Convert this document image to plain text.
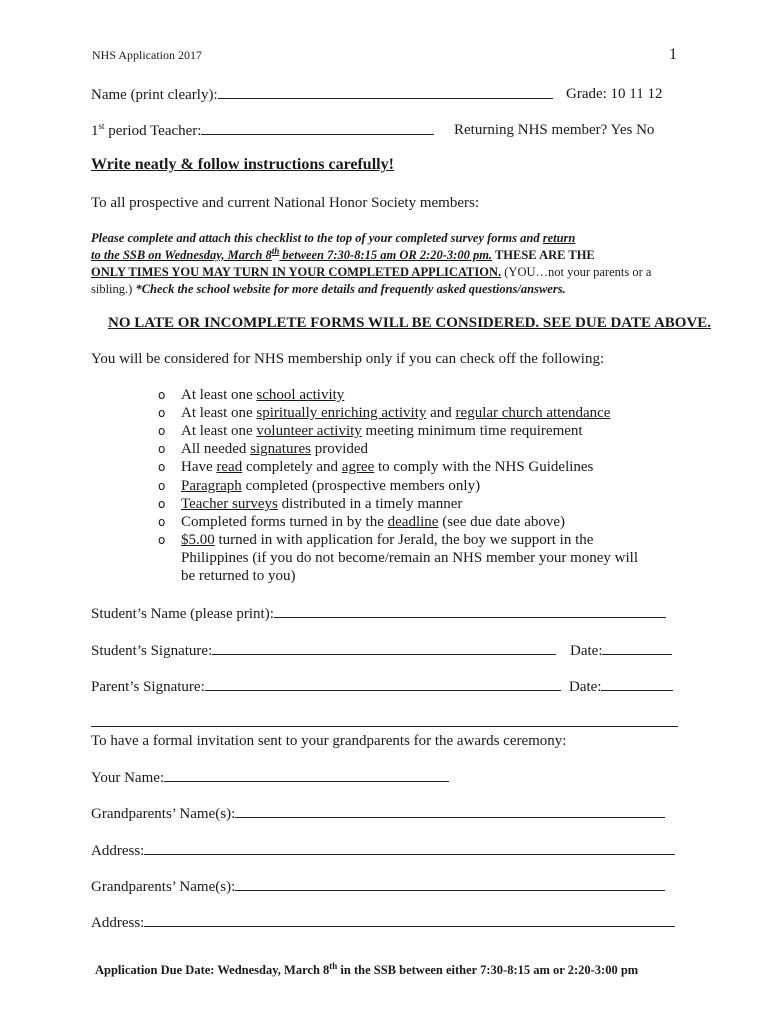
NHS Application 2017	1
Name (print clearly):	Grade: 10 11 12
1st period Teacher:	Returning NHS member? Yes No
Write neatly & follow instructions carefully!
To all prospective and current National Honor Society members:
Please complete and attach this checklist to the top of your completed survey forms and return
to the SSB on Wednesday, March 8th between 7:30-8:15 am OR 2:20-3:00 pm. THESE ARE THE
ONLY TIMES YOU MAY TURN IN YOUR COMPLETED APPLICATION. (YOU…not your parents or a
sibling.) *Check the school website for more details and frequently asked questions/answers.
NO LATE OR INCOMPLETE FORMS WILL BE CONSIDERED. SEE DUE DATE ABOVE.
You will be considered for NHS membership only if you can check off the following:
o At least one school activity
o At least one spiritually enriching activity and regular church attendance
o At least one volunteer activity meeting minimum time requirement
o All needed signatures provided
o Have read completely and agree to comply with the NHS Guidelines
o Paragraph completed (prospective members only)
o Teacher surveys distributed in a timely manner
o Completed forms turned in by the deadline (see due date above)
o $5.00 turned in with application for Jerald, the boy we support in the
Philippines (if you do not become/remain an NHS member your money will
be returned to you)
Student’s Name (please print):
Student’s Signature:	Date:
Parent’s Signature:	Date:
To have a formal invitation sent to your grandparents for the awards ceremony:
Your Name:
Grandparents’ Name(s):
Address:
Grandparents’ Name(s):
Address:
Application Due Date: Wednesday, March 8th in the SSB between either 7:30-8:15 am or 2:20-3:00 pm
